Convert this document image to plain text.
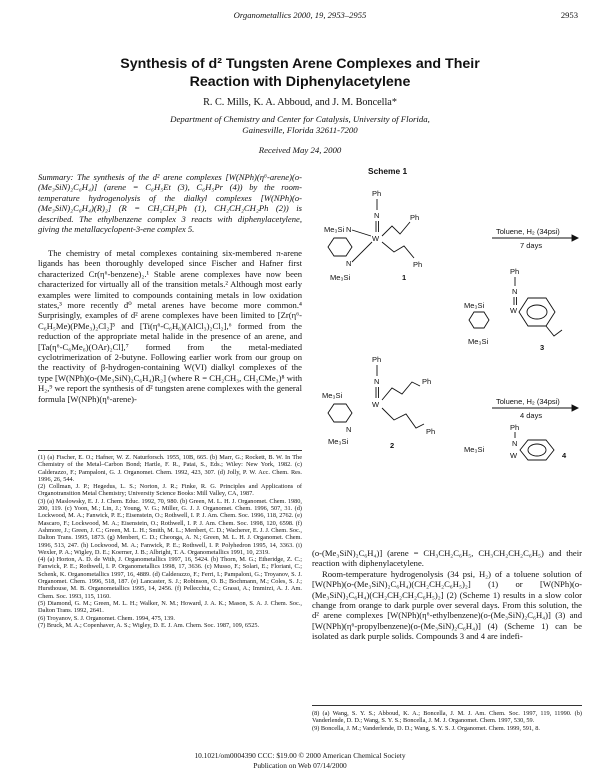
Organometallics 2000, 19, 2953–2955	2953
Synthesis of d² Tungsten Arene Complexes and Their
Reaction with Diphenylacetylene
R. C. Mills, K. A. Abboud, and J. M. Boncella*
Department of Chemistry and Center for Catalysis, University of Florida,
Gainesville, Florida 32611-7200
Received May 24, 2000
Summary: The synthesis of the d² arene complexes [W(NPh)(η⁶-arene)(o-(Me₃SiN)₂C₆H₄)] (arene = C₆H₅Et (3), C₆H₅Pr (4)) by the room-temperature hydrogenolysis of the dialkyl complexes [W(NPh)(o-(Me₃SiN)₂C₆H₄)(R)₂] (R = CH₂CH₂Ph (1), CH₂CH₂CH₂Ph (2)) is described. The ethylbenzene complex 3 reacts with diphenylacetylene, giving the metallacyclopent-3-ene complex 5.

The chemistry of metal complexes containing six-membered π-arene ligands has been thoroughly developed since Fischer and Hafner first characterized Cr(η⁶-benzene)₂.¹ Stable arene complexes have now been characterized for virtually all of the transition metals.² Although most early examples were limited to compounds containing metals in low oxidation states,³ more recently d⁰ metal arenes have become more common.⁴ Surprisingly, examples of d² arene complexes have been limited to [Zr(η⁶-C₆H₅Me)(PMe₃)₂Cl₂]⁵ and [Ti(η⁶-C₆H₆)(AlCl₃)₂Cl₂],⁶ formed from the reduction of the appropriate metal halide in the presence of an arene, and [Ta(η⁶-C₆Me₆)(OAr)₂Cl],⁷ formed from the metal-mediated cyclotrimerization of 2-butyne. Following earlier work from our group on the reactivity of β-hydrogen-containing W(VI) dialkyl complexes of the type [W(NPh)(o-(Me₃SiN)₂C₆H₄)R₂] (where R = CH₂CH₃, CH₂CMe₃)⁸ with H₂,⁹ we report the synthesis of d² tungsten arene complexes with the general formula [W(NPh)(η⁶-arene)-

(1) (a) Fischer, E. O.; Hafner, W. Z. Naturforsch. 1955, 10B, 665. (b) Marr, G.; Rockett, B. W. In The Chemistry of the Metal–Carbon Bond; Hartle, F. R., Patai, S., Eds.; Wiley: New York, 1982. (c) Calderazzo, F.; Pampaloni, G. J. Organomet. Chem. 1992, 423, 307. (d) Jolly, P. W. Acc. Chem. Res. 1996, 26, 544.
(2) Collman, J. P.; Hegedus, L. S.; Norton, J. R.; Finke, R. G. Principles and Applications of Organotransition Metal Chemistry; University Science Books: Mill Valley, CA, 1987.
(3) (a) Maslowsky, E. J. J. Chem. Educ. 1992, 70, 980. (b) Green, M. L. H. J. Organomet. Chem. 1980, 200, 119. (c) Yoon, M.; Lin, J.; Young, V. G.; Miller, G. J. J. Organomet. Chem. 1996, 507, 31. (d) Lockwood, M. A.; Fanwick, P. E.; Eisenstein, O.; Rothwell, I. P. J. Am. Chem. Soc. 1996, 118, 2762. (e) Mascaro, F.; Lockwood, M. A.; Eisenstein, O.; Rothwell, I. P. J. Am. Chem. Soc. 1998, 120, 6598. (f) Ashmore, J.; Green, J. C.; Green, M. L. H.; Smith, M. L.; Menbert, C. D.; Wacherer, E. J. J. Chem. Soc., Dalton Trans. 1995, 1873. (g) Menbert, C. D.; Cheonga, A. N.; Green, M. L. H. J. Organomet. Chem. 1996, 513, 247. (h) Lockwood, M. A.; Fanwick, P. E.; Rothwell, I. P. Polyhedron 1995, 14, 3363. (i) Wexler, P. A.; Wigley, D. E.; Koerner, J. B.; Albright, T. A. Organometallics 1991, 10, 2319.
(4) (a) Horton, A. D. de With, J. Organometallics 1997, 16, 5424. (b) Thorn, M. G.; Etheridge, Z. C.; Fanwick, P. E.; Rothwell, I. P. Organometallics 1998, 17, 3636. (c) Musso, F.; Solari, E.; Floriani, C.; Schenk, K. Organometallics 1997, 16, 4889. (d) Calderazzo, F.; Ferri, I.; Pampaloni, G.; Troyanov, S. J. Organomet. Chem. 1996, 518, 187. (e) Lancaster, S. J.; Robinson, O. B.; Bochmann, M.; Coles, S. J.; Hursthouse, M. B. Organometallics 1995, 14, 2456. (f) Pellecchia, C.; Grassi, A.; Immirzi, A. J. Am. Chem. Soc. 1993, 115, 1160.
(5) Diamond, G. M.; Green, M. L. H.; Walker, N. M.; Howard, J. A. K.; Mason, S. A. J. Chem. Soc., Dalton Trans. 1992, 2641.
(6) Troyanov, S. J. Organomet. Chem. 1994, 475, 139.
(7) Bruck, M. A.; Copenhaver, A. S.; Wigley, D. E. J. Am. Chem. Soc. 1987, 109, 6525.
Scheme 1
Ph
N
W
Me₃Si N
N
Me₃Si
Ph
Ph
1
Toluene, H₂ (34psi)
7 days
Ph
N
W
Me₃Si
Me₃Si
3
Ph
N
W
Me₃Si
N
Me₃Si
Ph
Ph
2
Toluene, H₂ (34psi)
4 days
Ph
N
W
Me₃Si
4

(o-(Me₃SiN)₂C₆H₄)] (arene = CH₃CH₂C₆H₅, CH₃CH₂CH₂C₆H₅) and their reaction with diphenylacetylene.

Room-temperature hydrogenolysis (34 psi, H₂) of a toluene solution of [W(NPh)(o-(Me₃SiN)₂C₆H₄)(CH₂CH₂C₆H₅)₂] (1) or [W(NPh)(o-(Me₃SiN)₂C₆H₄)(CH₂CH₂CH₂C₆H₅)₂] (2) (Scheme 1) results in a slow color change from orange to dark purple over several days. From this solution, the d² arene complexes [W(NPh)(η⁶-ethylbenzene)(o-(Me₃SiN)₂C₆H₄)] (3) and [W(NPh)(η⁶-propylbenzene)(o-(Me₃SiN)₂C₆H₄)] (4) (Scheme 1) can be isolated as dark purple solids. Compounds 3 and 4 are indefi-

(8) (a) Wang, S. Y. S.; Abboud, K. A.; Boncella, J. M. J. Am. Chem. Soc. 1997, 119, 11990. (b) Vanderlende, D. D.; Wang, S. Y. S.; Boncella, J. M. J. Organomet. Chem. 1997, 530, 59.
(9) Boncella, J. M.; Vanderlende, D. D.; Wang, S. Y. S. J. Organomet. Chem. 1999, 591, 8.
10.1021/om0004390 CCC: $19.00 © 2000 American Chemical Society
Publication on Web 07/14/2000
